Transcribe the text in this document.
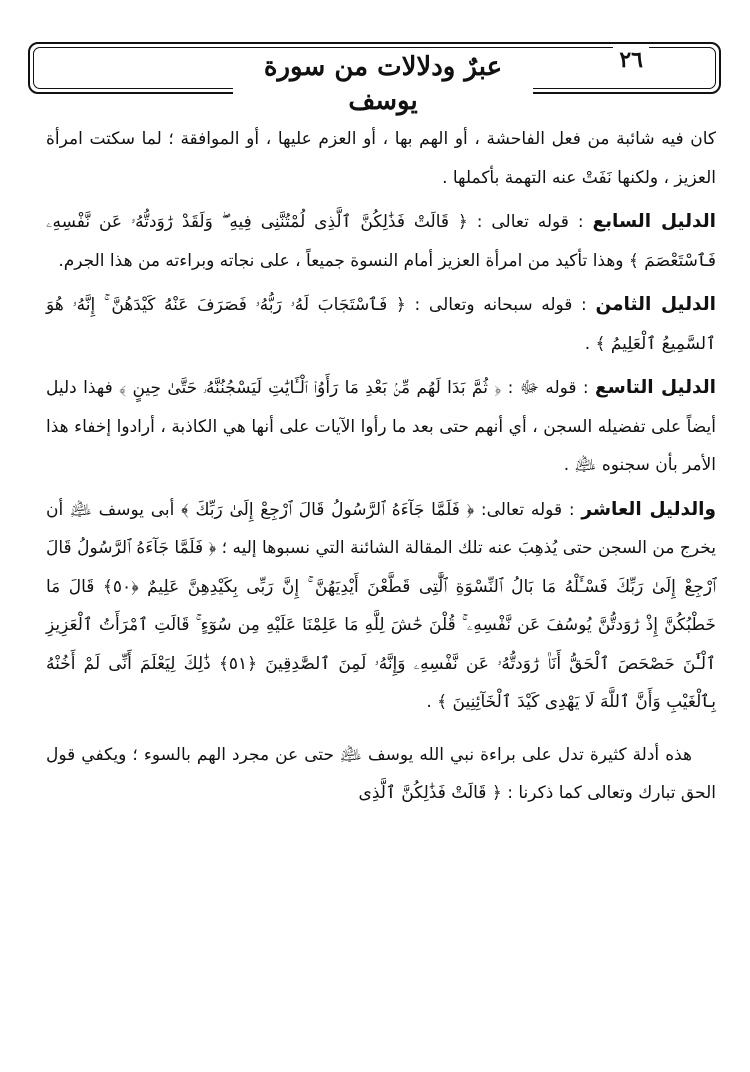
عبرٌ ودلالات من سورة يوسف
٢٦

كان فيه شائبة من فعل الفاحشة ، أو الهم بها ، أو العزم عليها ، أو الموافقة ؛ لما سكتت امرأة العزيز ، ولكنها نَفَتْ عنه التهمة بأكملها .

الدليل السابع : قوله تعالى : ﴿ قَالَتْ فَذَٰلِكُنَّ ٱلَّذِى لُمْتُنَّنِى فِيهِ ۖ وَلَقَدْ رَٰوَدتُّهُۥ عَن نَّفْسِهِۦ فَٱسْتَعْصَمَ ﴾ وهذا تأكيد من امرأة العزيز أمام النسوة جميعاً ، على نجاته وبراءته من هذا الجرم.

الدليل الثامن : قوله سبحانه وتعالى : ﴿ فَٱسْتَجَابَ لَهُۥ رَبُّهُۥ فَصَرَفَ عَنْهُ كَيْدَهُنَّ ۚ إِنَّهُۥ هُوَ ٱلسَّمِيعُ ٱلْعَلِيمُ ﴾ .

الدليل التاسع : قوله ﷻ : ﴿ ثُمَّ بَدَا لَهُم مِّنۢ بَعْدِ مَا رَأَوُا۟ ٱلْـَٔايَٰتِ لَيَسْجُنُنَّهُۥ حَتَّىٰ حِينٍ ﴾ فهذا دليل أيضاً على تفضيله السجن ، أي أنهم حتى بعد ما رأوا الآيات على أنها هي الكاذبة ، أرادوا إخفاء هذا الأمر بأن سجنوه ﵇ .

والدليل العاشر : قوله تعالى: ﴿ فَلَمَّا جَآءَهُ ٱلرَّسُولُ قَالَ ٱرْجِعْ إِلَىٰ رَبِّكَ ﴾ أبى يوسف ﵇ أن يخرج من السجن حتى يُذهِبَ عنه تلك المقالة الشائنة التي نسبوها إليه ؛ ﴿ فَلَمَّا جَآءَهُ ٱلرَّسُولُ قَالَ ٱرْجِعْ إِلَىٰ رَبِّكَ فَسْـَٔلْهُ مَا بَالُ ٱلنِّسْوَةِ ٱلَّٰتِى قَطَّعْنَ أَيْدِيَهُنَّ ۚ إِنَّ رَبِّى بِكَيْدِهِنَّ عَلِيمٌ ﴿٥٠﴾ قَالَ مَا خَطْبُكُنَّ إِذْ رَٰوَدتُّنَّ يُوسُفَ عَن نَّفْسِهِۦ ۚ قُلْنَ حَٰشَ لِلَّهِ مَا عَلِمْنَا عَلَيْهِ مِن سُوٓءٍ ۚ قَالَتِ ٱمْرَأَتُ ٱلْعَزِيزِ ٱلْـَٰٔنَ حَصْحَصَ ٱلْحَقُّ أَنَا۠ رَٰوَدتُّهُۥ عَن نَّفْسِهِۦ وَإِنَّهُۥ لَمِنَ ٱلصَّٰدِقِينَ ﴿٥١﴾ ذَٰلِكَ لِيَعْلَمَ أَنِّى لَمْ أَخُنْهُ بِٱلْغَيْبِ وَأَنَّ ٱللَّهَ لَا يَهْدِى كَيْدَ ٱلْخَآئِنِينَ ﴾ .

هذه أدلة كثيرة تدل على براءة نبي الله يوسف ﵇ حتى عن مجرد الهم بالسوء ؛ ويكفي قول الحق تبارك وتعالى كما ذكرنا : ﴿ قَالَتْ فَذَٰلِكُنَّ ٱلَّذِى
